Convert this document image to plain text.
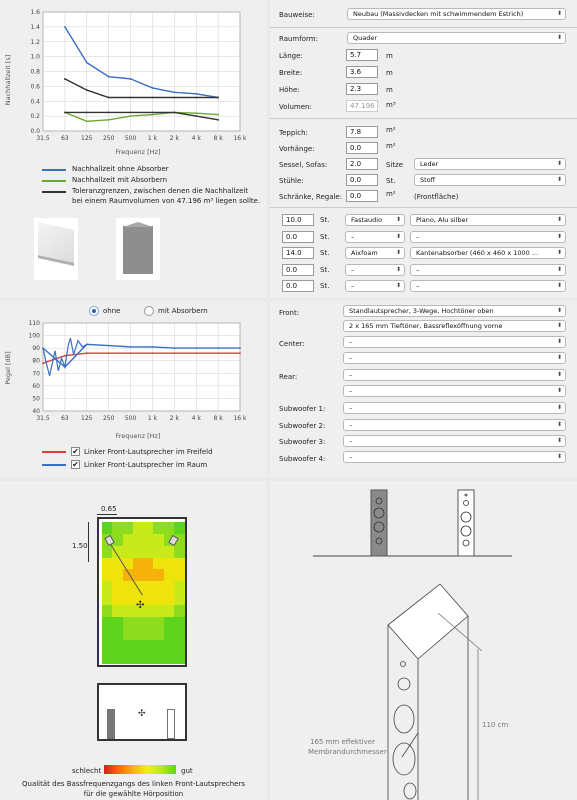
1.6
1.4
1.2
1.0
0.8
0.6
0.4
0.2
0.0
31.5 63 125 250 500 1 k 2 k 4 k 8 k 16 k
Nachhallzeit [s]
Frequenz [Hz]
Nachhallzeit ohne Absorber
Nachhallzeit mit Absorbern
Toleranzgrenzen, zwischen denen die Nachhallzeit
bei einem Raumvolumen von 47.196 m³ liegen sollte.
Bauweise:	Neubau (Massivdecken mit schwimmendem Estrich)	⬍
Raumform:	Quader	⬍
Länge:	5.7	m
Breite:	3.6	m
Höhe:	2.3	m
Volumen:	47.196	m³
Teppich:	7.8	m²
Vorhänge:	0.0	m²
Sessel, Sofas:	2.0	Sitze	Leder	⬍
Stühle:	0.0	St.	Stoff	⬍
Schränke, Regale:	0.0	m²	(Frontfläche)
10.0	St.	Fastaudio ⬍	Plano, Alu silber	⬍
0.0	St.	–	⬍	–	⬍
14.0	St.	Aixfoam	⬍	Kantenabsorber (460 x 460 x 1000 ...	⬍
0.0	St.	–	⬍	–	⬍
0.0	St.	–	⬍	–	⬍
ohne	mit Absorbern
110
100
90
80
70
60
50
40
31.5 63 125 250 500 1 k 2 k 4 k 8 k 16 k
Pegel [dB]
Frequenz [Hz]
✔ Linker Front-Lautsprecher im Freifeld
✔ Linker Front-Lautsprecher im Raum
Front:	Standlautsprecher, 3-Wege, Hochtöner oben	⬍
2 x 165 mm Tieftöner, Bassreflexöffnung vorne	⬍
Center:	–	⬍
–	⬍
Rear:	–	⬍
–	⬍
Subwoofer 1:	–	⬍
Subwoofer 2:	–	⬍
Subwoofer 3:	–	⬍
Subwoofer 4:	–	⬍
0.65
1.50
✣
✣
schlecht	gut
Qualität des Bassfrequenzgangs des linken Front-Lautsprechers
für die gewählte Hörposition
110 cm
165 mm effektiver
Membrandurchmesser
